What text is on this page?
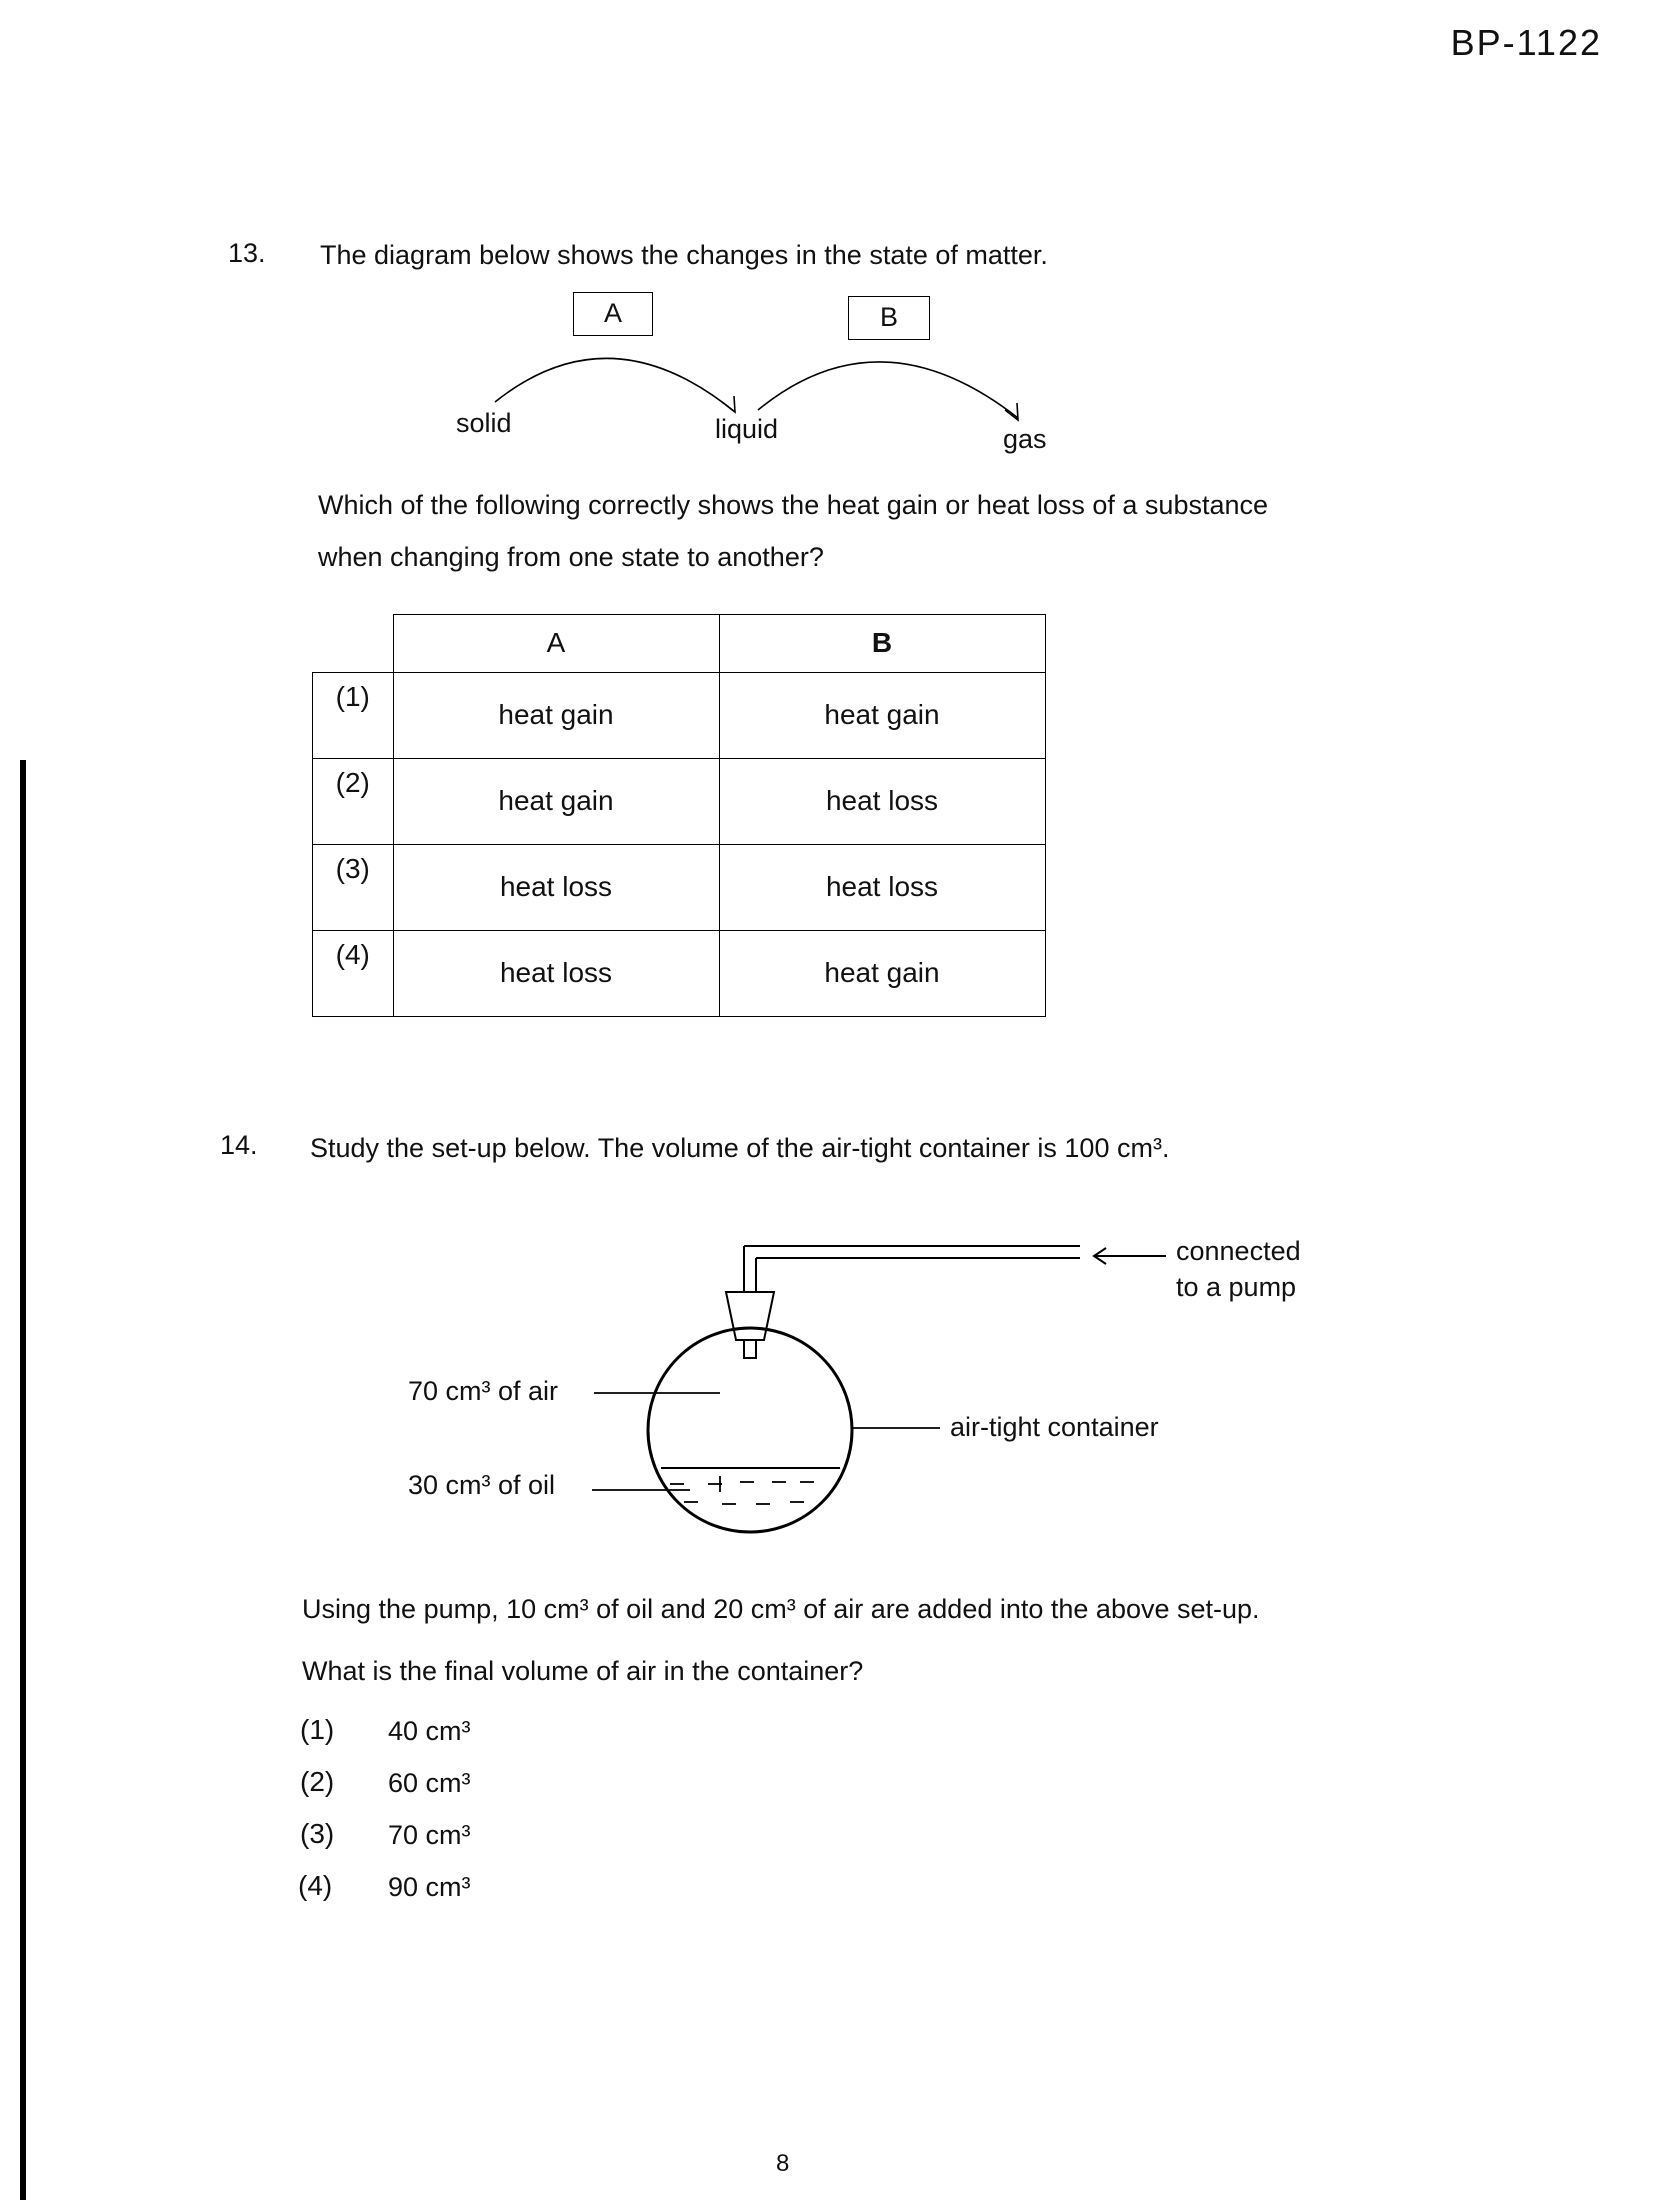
BP-1122
13. The diagram below shows the changes in the state of matter.
A	B
solid	liquid	gas
Which of the following correctly shows the heat gain or heat loss of a substance
when changing from one state to another?
	A	B
(1)	heat gain	heat gain
(2)	heat gain	heat loss
(3)	heat loss	heat loss
(4)	heat loss	heat gain
14. Study the set-up below. The volume of the air-tight container is 100 cm³.
connected
to a pump
70 cm³ of air
30 cm³ of oil
air-tight container
Using the pump, 10 cm³ of oil and 20 cm³ of air are added into the above set-up.
What is the final volume of air in the container?
(1) 40 cm³
(2) 60 cm³
(3) 70 cm³
(4) 90 cm³
8
